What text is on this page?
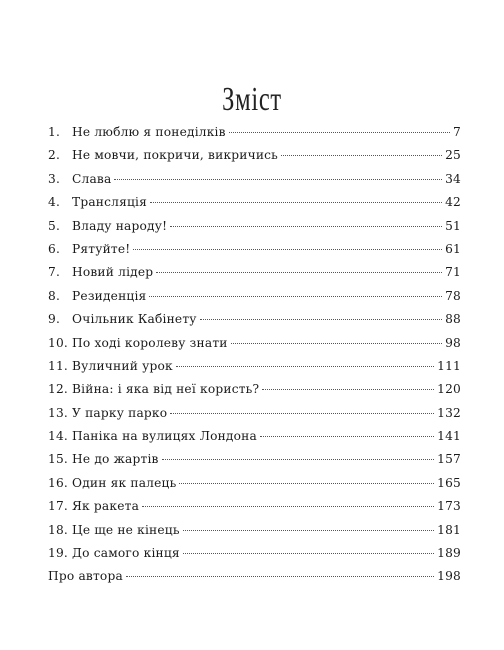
Зміст
1. Не люблю я понеділків	7
2. Не мовчи, покричи, викричись	25
3. Слава	34
4. Трансляція	42
5. Владу народу!	51
6. Рятуйте!	61
7. Новий лідер	71
8. Резиденція	78
9. Очільник Кабінету	88
10. По ході королеву знати	98
11. Вуличний урок	111
12. Війна: і яка від неї користь?	120
13. У парку парко	132
14. Паніка на вулицях Лондона	141
15. Не до жартів	157
16. Один як палець	165
17. Як ракета	173
18. Це ще не кінець	181
19. До самого кінця	189
Про автора	198
